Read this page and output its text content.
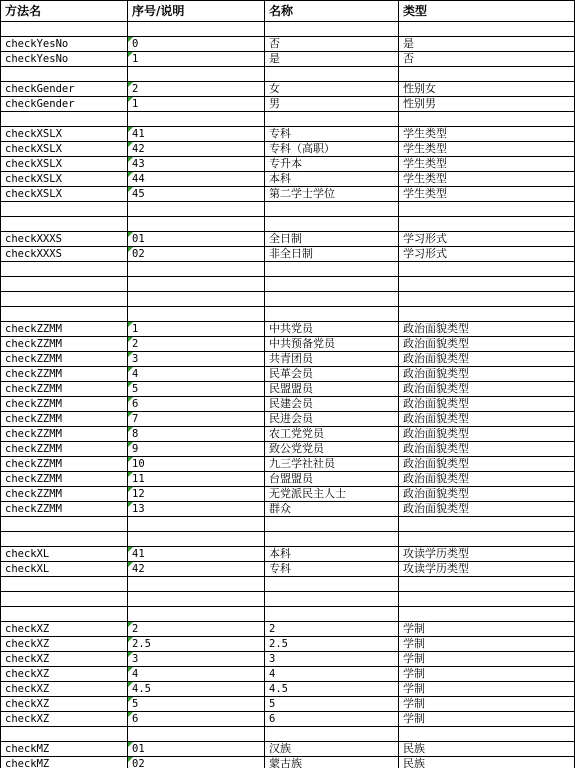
方法名	序号/说明	名称	类型

checkYesNo	0	否	是
checkYesNo	1	是	否

checkGender	2	女	性别女
checkGender	1	男	性别男

checkXSLX	41	专科	学生类型
checkXSLX	42	专科（高职）	学生类型
checkXSLX	43	专升本	学生类型
checkXSLX	44	本科	学生类型
checkXSLX	45	第二学士学位	学生类型

checkXXXS	01	全日制	学习形式
checkXXXS	02	非全日制	学习形式

checkZZMM	1	中共党员	政治面貌类型
checkZZMM	2	中共预备党员	政治面貌类型
checkZZMM	3	共青团员	政治面貌类型
checkZZMM	4	民革会员	政治面貌类型
checkZZMM	5	民盟盟员	政治面貌类型
checkZZMM	6	民建会员	政治面貌类型
checkZZMM	7	民进会员	政治面貌类型
checkZZMM	8	农工党党员	政治面貌类型
checkZZMM	9	致公党党员	政治面貌类型
checkZZMM	10	九三学社社员	政治面貌类型
checkZZMM	11	台盟盟员	政治面貌类型
checkZZMM	12	无党派民主人士	政治面貌类型
checkZZMM	13	群众	政治面貌类型

checkXL	41	本科	攻读学历类型
checkXL	42	专科	攻读学历类型

checkXZ	2	2	学制
checkXZ	2.5	2.5	学制
checkXZ	3	3	学制
checkXZ	4	4	学制
checkXZ	4.5	4.5	学制
checkXZ	5	5	学制
checkXZ	6	6	学制

checkMZ	01	汉族	民族
checkMZ	02	蒙古族	民族
